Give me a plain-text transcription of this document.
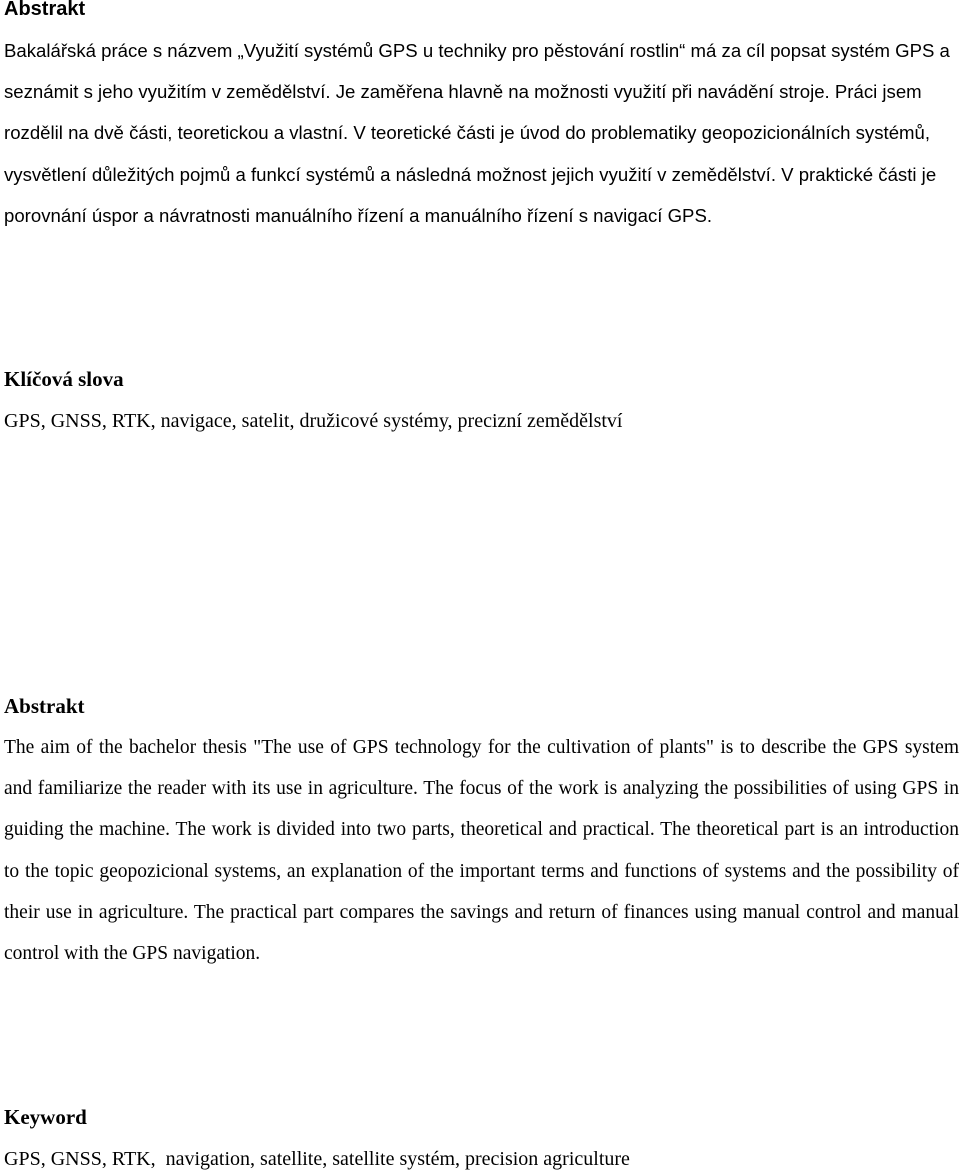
Abstrakt

Bakalářská práce s názvem „Využití systémů GPS u techniky pro pěstování rostlin“ má za cíl popsat systém GPS a seznámit s jeho využitím v zemědělství. Je zaměřena hlavně na možnosti využití při navádění stroje. Práci jsem rozdělil na dvě části, teoretickou a vlastní. V teoretické části je úvod do problematiky geopozicionálních systémů, vysvětlení důležitých pojmů a funkcí systémů a následná možnost jejich využití v zemědělství. V praktické části je porovnání úspor a návratnosti manuálního řízení a manuálního řízení s navigací GPS.

Klíčová slova

GPS, GNSS, RTK, navigace, satelit, družicové systémy, precizní zemědělství

Abstrakt

The aim of the bachelor thesis "The use of GPS technology for the cultivation of plants" is to describe the GPS system and familiarize the reader with its use in agriculture. The focus of the work is analyzing the possibilities of using GPS in guiding the machine. The work is divided into two parts, theoretical and practical. The theoretical part is an introduction to the topic geopozicional systems, an explanation of the important terms and functions of systems and the possibility of their use in agriculture. The practical part compares the savings and return of finances using manual control and manual control with the GPS navigation.

Keyword

GPS, GNSS, RTK,  navigation, satellite, satellite systém, precision agriculture
